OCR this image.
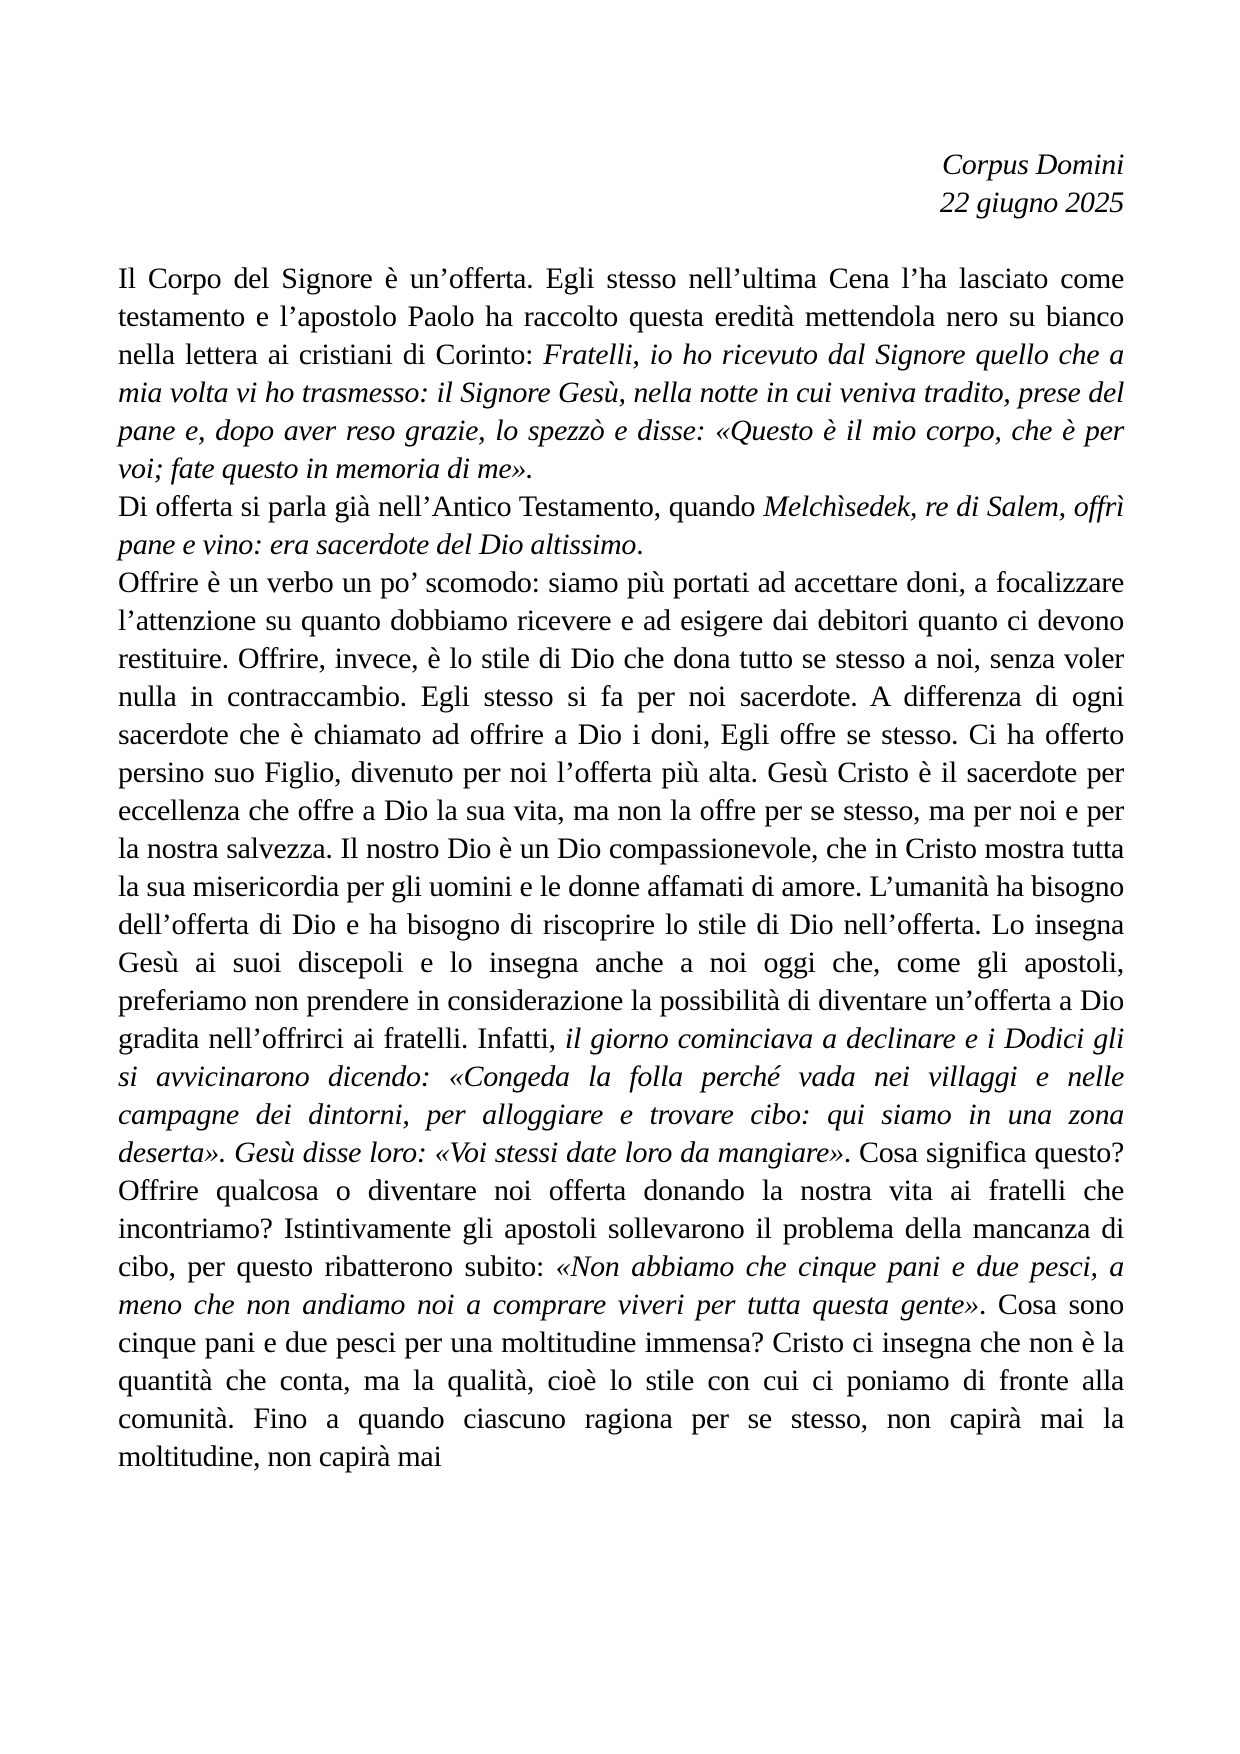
Corpus Domini
22 giugno 2025

Il Corpo del Signore è un’offerta. Egli stesso nell’ultima Cena l’ha lasciato come testamento e l’apostolo Paolo ha raccolto questa eredità mettendola nero su bianco nella lettera ai cristiani di Corinto: Fratelli, io ho ricevuto dal Signore quello che a mia volta vi ho trasmesso: il Signore Gesù, nella notte in cui veniva tradito, prese del pane e, dopo aver reso grazie, lo spezzò e disse: «Questo è il mio corpo, che è per voi; fate questo in memoria di me».

Di offerta si parla già nell’Antico Testamento, quando Melchìsedek, re di Salem, offrì pane e vino: era sacerdote del Dio altissimo.

Offrire è un verbo un po’ scomodo: siamo più portati ad accettare doni, a focalizzare l’attenzione su quanto dobbiamo ricevere e ad esigere dai debitori quanto ci devono restituire. Offrire, invece, è lo stile di Dio che dona tutto se stesso a noi, senza voler nulla in contraccambio. Egli stesso si fa per noi sacerdote. A differenza di ogni sacerdote che è chiamato ad offrire a Dio i doni, Egli offre se stesso. Ci ha offerto persino suo Figlio, divenuto per noi l’offerta più alta. Gesù Cristo è il sacerdote per eccellenza che offre a Dio la sua vita, ma non la offre per se stesso, ma per noi e per la nostra salvezza. Il nostro Dio è un Dio compassionevole, che in Cristo mostra tutta la sua misericordia per gli uomini e le donne affamati di amore. L’umanità ha bisogno dell’offerta di Dio e ha bisogno di riscoprire lo stile di Dio nell’offerta. Lo insegna Gesù ai suoi discepoli e lo insegna anche a noi oggi che, come gli apostoli, preferiamo non prendere in considerazione la possibilità di diventare un’offerta a Dio gradita nell’offrirci ai fratelli. Infatti, il giorno cominciava a declinare e i Dodici gli si avvicinarono dicendo: «Congeda la folla perché vada nei villaggi e nelle campagne dei dintorni, per alloggiare e trovare cibo: qui siamo in una zona deserta». Gesù disse loro: «Voi stessi date loro da mangiare». Cosa significa questo? Offrire qualcosa o diventare noi offerta donando la nostra vita ai fratelli che incontriamo? Istintivamente gli apostoli sollevarono il problema della mancanza di cibo, per questo ribatterono subito: «Non abbiamo che cinque pani e due pesci, a meno che non andiamo noi a comprare viveri per tutta questa gente». Cosa sono cinque pani e due pesci per una moltitudine immensa? Cristo ci insegna che non è la quantità che conta, ma la qualità, cioè lo stile con cui ci poniamo di fronte alla comunità. Fino a quando ciascuno ragiona per se stesso, non capirà mai la moltitudine, non capirà mai
